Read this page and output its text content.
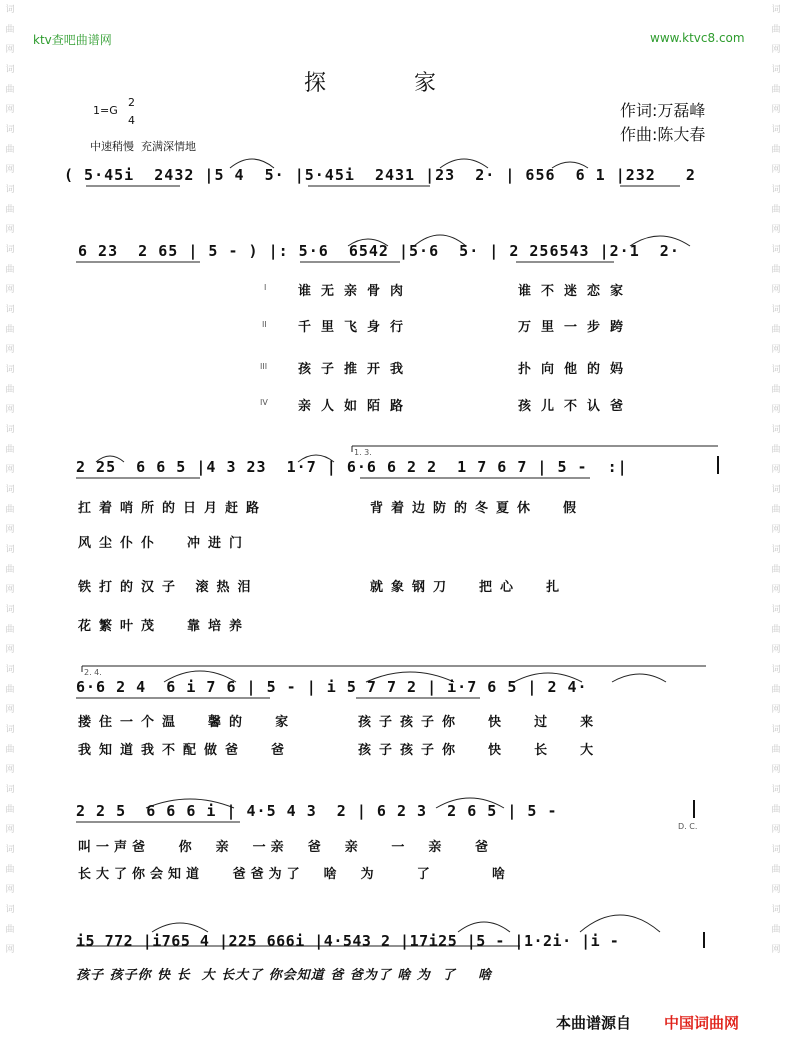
词曲网词曲网词曲网词曲网词曲网词曲网词曲网词曲网词曲网词曲网词曲网词曲网词曲网词曲网词曲网词曲网
词曲网词曲网词曲网词曲网词曲网词曲网词曲网词曲网词曲网词曲网词曲网词曲网词曲网词曲网词曲网词曲网
ktv查吧曲谱网	www.ktvc8.com
探	家
1=G
2
4
中速稍慢  充满深情地
作词:万磊峰
作曲:陈大春
( 5·45i  2432 |5 4  5· |5·45i  2431 |23  2· | 656  6 1 |232   2
6 23  2 65 | 5 - ) |: 5·6  6542 |5·6  5· | 2 256543 |2·1  2·
I
II
III
IV
谁无亲骨肉
千里飞身行
孩子推开我
亲人如陌路
谁不迷恋家
万里一步跨
扑向他的妈
孩儿不认爸
1. 3.
2 25  6 6 5 |4 3 23  1·7 | 6·6 6 2 2  1 7 6 7 | 5 -  :|
扛着哨所的日月赶路	背着边防的冬夏休  假
风尘仆仆  冲进门
铁打的汉子 滚热泪	就象钢刀  把心  扎
花繁叶茂  靠培养
2. 4.
6·6 2 4  6 i 7 6 | 5 - | i 5 7 7 2 | i·7 6 5 | 2 4·
搂住一个温  馨的  家	孩子孩子你  快  过  来
我知道我不配做爸  爸	孩子孩子你  快  长  大
2 2 5  6 6 6 i | 4·5 4 3  2 | 6 2 3  2 6 5 | 5 -
D. C.
叫一声爸   你  亲  一亲  爸  亲   一  亲   爸
长大了你会知道   爸爸为了  啥  为    了      啥
i5 772 |i765 4 |225 666i |4·543 2 |17i25 |5 - |1·2i· |i -
孩子 孩子你 快 长  大 长大了 你会知道 爸 爸为了 啥 为  了    啥
本曲谱源自 中国词曲网
